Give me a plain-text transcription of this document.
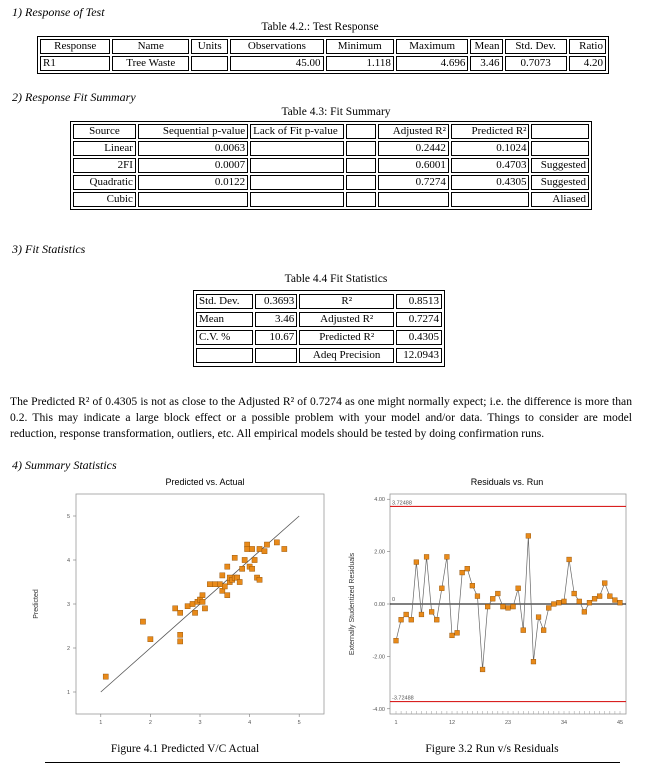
1) Response of Test
Table 4.2.: Test Response
Response	Name	Units	Observations	Minimum	Maximum	Mean	Std. Dev.	Ratio
R1	Tree Waste		45.00	1.118	4.696	3.46	0.7073	4.20
2) Response Fit Summary
Table 4.3: Fit Summary
Source	Sequential p-value	Lack of Fit p-value		Adjusted R²	Predicted R²	
Linear	0.0063			0.2442	0.1024	
2FI	0.0007			0.6001	0.4703	Suggested
Quadratic	0.0122			0.7274	0.4305	Suggested
Cubic						Aliased
3) Fit Statistics
Table 4.4 Fit Statistics
Std. Dev.	0.3693	R²	0.8513
Mean	3.46	Adjusted R²	0.7274
C.V. %	10.67	Predicted R²	0.4305
		Adeq Precision	12.0943

The Predicted R² of 0.4305 is not as close to the Adjusted R² of 0.7274 as one might normally expect; i.e. the difference is more than 0.2. This may indicate a large block effect or a possible problem with your model and/or data. Things to consider are model reduction, response transformation, outliers, etc. All empirical models should be tested by doing confirmation runs.

4) Summary Statistics
Predicted vs. Actual
1	2	3	4	5
1
2
3
4
5
Predicted
Figure 4.1 Predicted V/C Actual
Residuals vs. Run
-4.00
-2.00
0.00
2.00
4.00
1	12	23	34	45
0
3.72488
-3.72488
Externally Studentized Residuals
Figure 3.2 Run v/s Residuals
